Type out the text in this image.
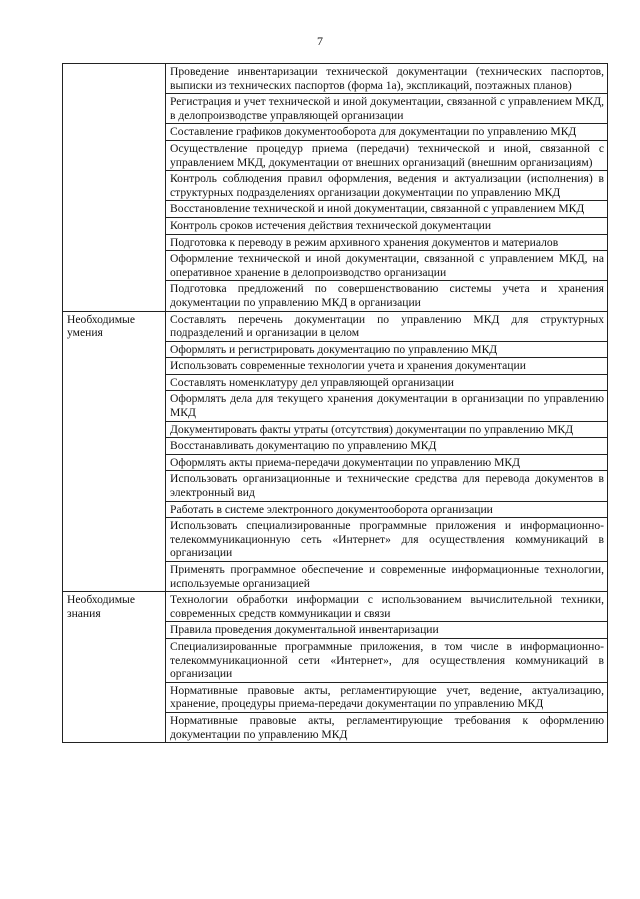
7
	Проведение инвентаризации технической документации (технических паспортов, выписки из технических паспортов (форма 1а), экспликаций, поэтажных планов)
	Регистрация и учет технической и иной документации, связанной с управлением МКД, в делопроизводстве управляющей организации
	Составление графиков документооборота для документации по управлению МКД
	Осуществление процедур приема (передачи) технической и иной, связанной с управлением МКД, документации от внешних организаций (внешним организациям)
	Контроль соблюдения правил оформления, ведения и актуализации (исполнения) в структурных подразделениях организации документации по управлению МКД
	Восстановление технической и иной документации, связанной с управлением МКД
	Контроль сроков истечения действия технической документации
	Подготовка к переводу в режим архивного хранения документов и материалов
	Оформление технической и иной документации, связанной с управлением МКД, на оперативное хранение в делопроизводство организации
	Подготовка предложений по совершенствованию системы учета и хранения документации по управлению МКД в организации
Необходимые умения	Составлять перечень документации по управлению МКД для структурных подразделений и организации в целом
	Оформлять и регистрировать документацию по управлению МКД
	Использовать современные технологии учета и хранения документации
	Составлять номенклатуру дел управляющей организации
	Оформлять дела для текущего хранения документации в организации по управлению МКД
	Документировать факты утраты (отсутствия) документации по управлению МКД
	Восстанавливать документацию по управлению МКД
	Оформлять акты приема-передачи документации по управлению МКД
	Использовать организационные и технические средства для перевода документов в электронный вид
	Работать в системе электронного документооборота организации
	Использовать специализированные программные приложения и информационно-телекоммуникационную сеть «Интернет» для осуществления коммуникаций в организации
	Применять программное обеспечение и современные информационные технологии, используемые организацией
Необходимые знания	Технологии обработки информации с использованием вычислительной техники, современных средств коммуникации и связи
	Правила проведения документальной инвентаризации
	Специализированные программные приложения, в том числе в информационно-телекоммуникационной сети «Интернет», для осуществления коммуникаций в организации
	Нормативные правовые акты, регламентирующие учет, ведение, актуализацию, хранение, процедуры приема-передачи документации по управлению МКД
	Нормативные правовые акты, регламентирующие требования к оформлению документации по управлению МКД
